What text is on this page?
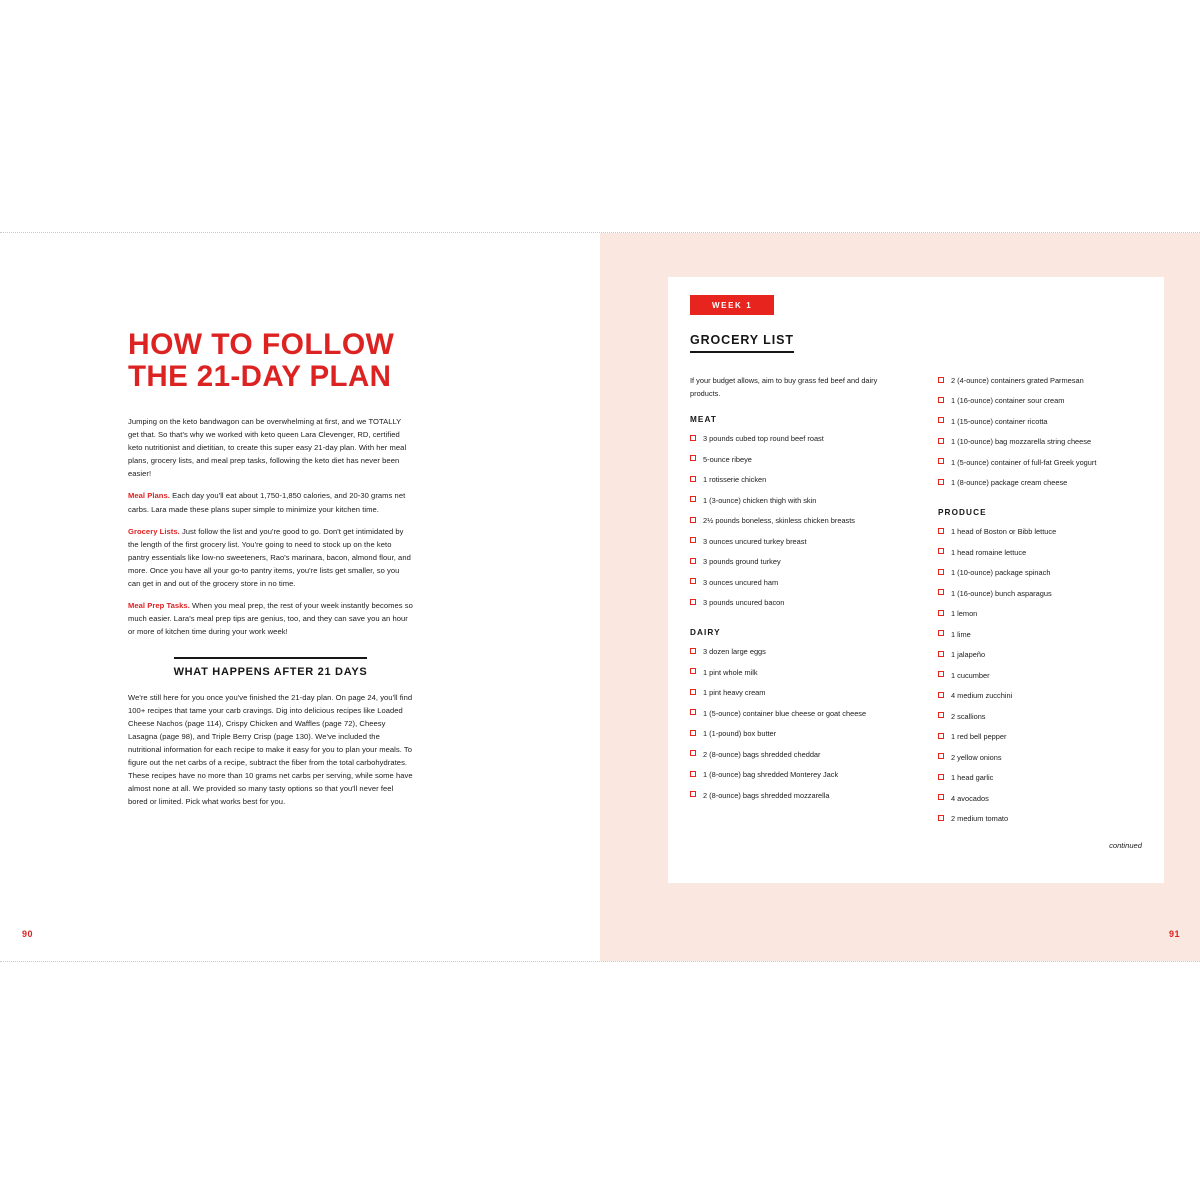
HOW TO FOLLOW
THE 21-DAY PLAN

Jumping on the keto bandwagon can be overwhelming at first, and we TOTALLY get that. So that's why we worked with keto queen Lara Clevenger, RD, certified keto nutritionist and dietitian, to create this super easy 21-day plan. With her meal plans, grocery lists, and meal prep tasks, following the keto diet has never been easier!

Meal Plans. Each day you'll eat about 1,750-1,850 calories, and 20-30 grams net carbs. Lara made these plans super simple to minimize your kitchen time.

Grocery Lists. Just follow the list and you're good to go. Don't get intimidated by the length of the first grocery list. You're going to need to stock up on the keto pantry essentials like low-no sweeteners, Rao's marinara, bacon, almond flour, and more. Once you have all your go-to pantry items, you're lists get smaller, so you can get in and out of the grocery store in no time.

Meal Prep Tasks. When you meal prep, the rest of your week instantly becomes so much easier. Lara's meal prep tips are genius, too, and they can save you an hour or more of kitchen time during your work week!

WHAT HAPPENS AFTER 21 DAYS

We're still here for you once you've finished the 21-day plan. On page 24, you'll find 100+ recipes that tame your carb cravings. Dig into delicious recipes like Loaded Cheese Nachos (page 114), Crispy Chicken and Waffles (page 72), Cheesy Lasagna (page 98), and Triple Berry Crisp (page 130). We've included the nutritional information for each recipe to make it easy for you to plan your meals. To figure out the net carbs of a recipe, subtract the fiber from the total carbohydrates. These recipes have no more than 10 grams net carbs per serving, while some have almost none at all. We provided so many tasty options so that you'll never feel bored or limited. Pick what works best for you.

90
WEEK 1
GROCERY LIST

If your budget allows, aim to buy grass fed beef and dairy products.

MEAT
3 pounds cubed top round beef roast
5-ounce ribeye
1 rotisserie chicken
1 (3-ounce) chicken thigh with skin
2½ pounds boneless, skinless chicken breasts
3 ounces uncured turkey breast
3 pounds ground turkey
3 ounces uncured ham
3 pounds uncured bacon
DAIRY
3 dozen large eggs
1 pint whole milk
1 pint heavy cream
1 (5-ounce) container blue cheese or goat cheese
1 (1-pound) box butter
2 (8-ounce) bags shredded cheddar
1 (8-ounce) bag shredded Monterey Jack
2 (8-ounce) bags shredded mozzarella
2 (4-ounce) containers grated Parmesan
1 (16-ounce) container sour cream
1 (15-ounce) container ricotta
1 (10-ounce) bag mozzarella string cheese
1 (5-ounce) container of full-fat Greek yogurt
1 (8-ounce) package cream cheese
PRODUCE
1 head of Boston or Bibb lettuce
1 head romaine lettuce
1 (10-ounce) package spinach
1 (16-ounce) bunch asparagus
1 lemon
1 lime
1 jalapeño
1 cucumber
4 medium zucchini
2 scallions
1 red bell pepper
2 yellow onions
1 head garlic
4 avocados
2 medium tomato
continued
91
